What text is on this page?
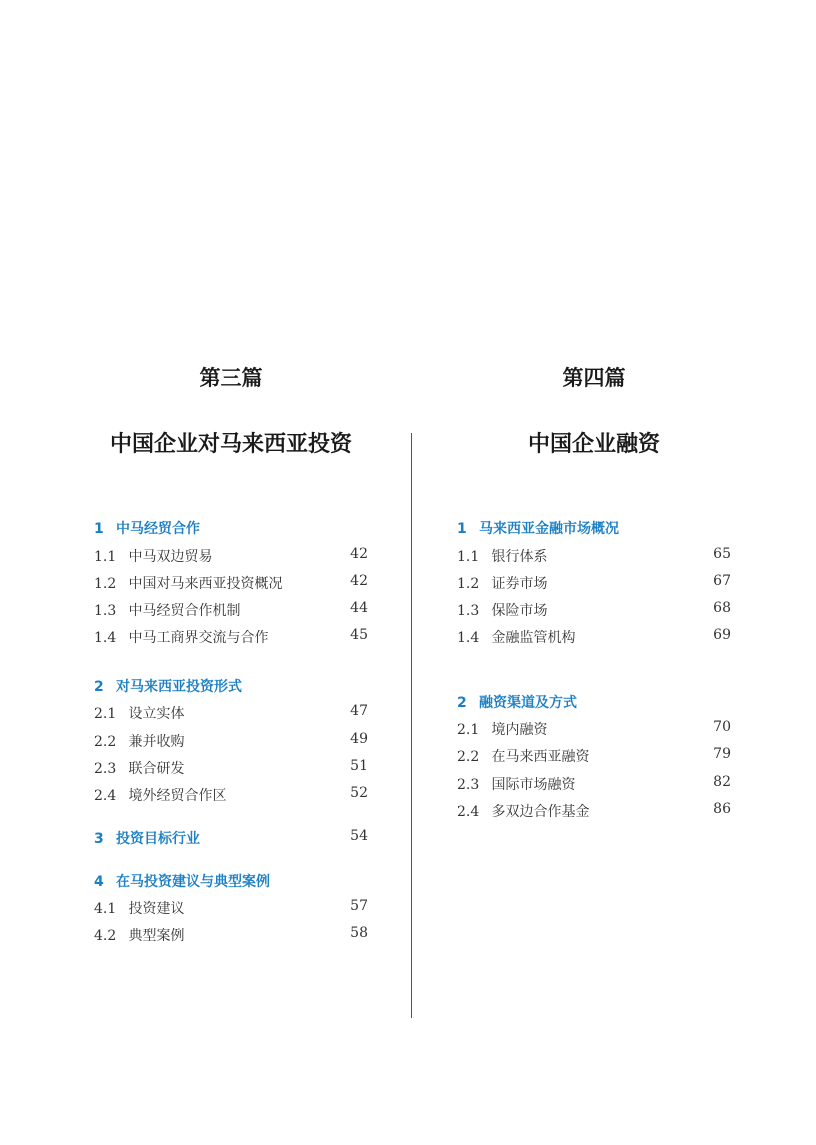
第三篇
中国企业对马来西亚投资
第四篇
中国企业融资
1 中马经贸合作
1.1 中马双边贸易	42
1.2 中国对马来西亚投资概况	42
1.3 中马经贸合作机制	44
1.4 中马工商界交流与合作	45
2 对马来西亚投资形式
2.1 设立实体	47
2.2 兼并收购	49
2.3 联合研发	51
2.4 境外经贸合作区	52
3 投资目标行业	54
4 在马投资建议与典型案例
4.1 投资建议	57
4.2 典型案例	58
1 马来西亚金融市场概况
1.1 银行体系	65
1.2 证券市场	67
1.3 保险市场	68
1.4 金融监管机构	69
2 融资渠道及方式
2.1 境内融资	70
2.2 在马来西亚融资	79
2.3 国际市场融资	82
2.4 多双边合作基金	86
